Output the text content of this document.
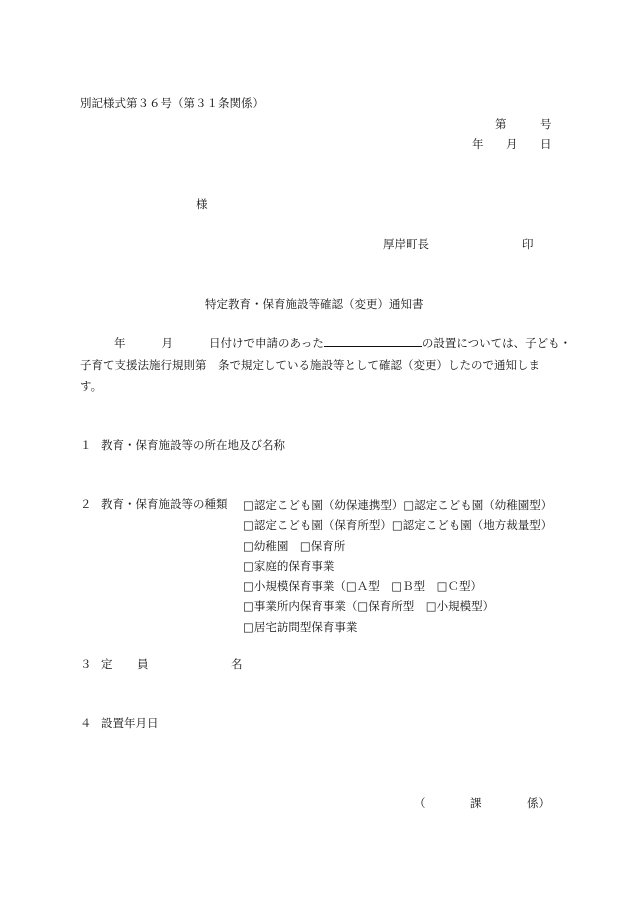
別記様式第３６号（第３１条関係）
第	号
年 月 日
様
厚岸町長	印
特定教育・保育施設等確認（変更）通知書
年	月	日付けで申請のあった	の設置については、子ども・
子育て支援法施行規則第　条で規定している施設等として確認（変更）したので通知しま
す。
１ 教育・保育施設等の所在地及び名称
２ 教育・保育施設等の種類 □認定こども園（幼保連携型）□認定こども園（幼稚園型）
□認定こども園（保育所型）□認定こども園（地方裁量型）
□幼稚園　□保育所
□家庭的保育事業
□小規模保育事業（□Ａ型　□Ｂ型　□Ｃ型）
□事業所内保育事業（□保育所型　□小規模型）
□居宅訪問型保育事業
３ 定 員	名
４ 設置年月日
（	課	係）
